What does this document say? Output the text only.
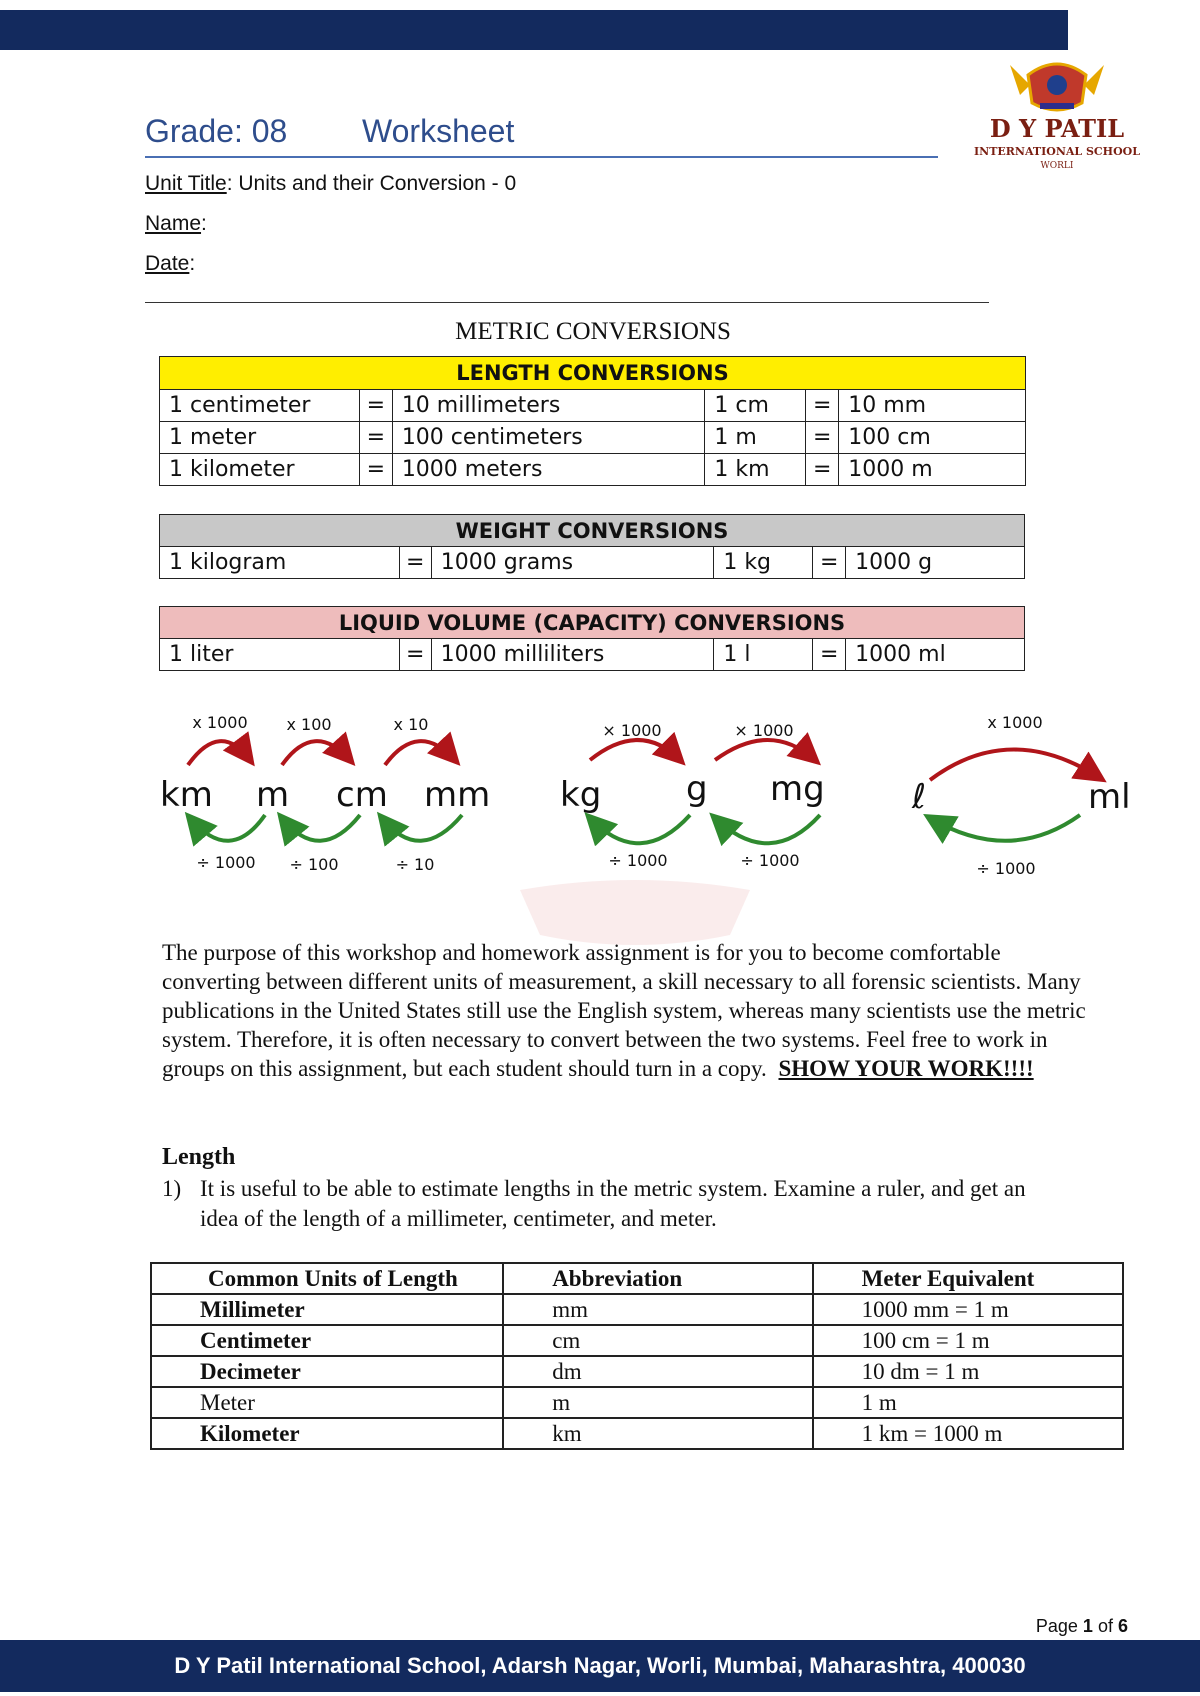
Grade: 08 Worksheet
Unit Title: Units and their Conversion - 0
Name:
Date:
D Y PATIL
INTERNATIONAL SCHOOL
WORLI
METRIC CONVERSIONS
LENGTH CONVERSIONS					
1 centimeter	=	10 millimeters	1 cm	=	10 mm
1 meter	=	100 centimeters	1 m	=	100 cm
1 kilometer	=	1000 meters	1 km	=	1000 m
WEIGHT CONVERSIONS
1 kilogram	=	1000 grams	1 kg	=	1000 g
LIQUID VOLUME (CAPACITY) CONVERSIONS
1 liter	=	1000 milliliters	1 l	=	1000 ml
x 1000 x 100	x 10
÷ 1000 ÷ 100	÷ 10
× 1000	× 1000
÷ 1000	÷ 1000
x 1000
÷ 1000
km m cm mm kg g mg	ℓ	ml
The purpose of this workshop and homework assignment is for you to become comfortable converting between different units of measurement, a skill necessary to all forensic scientists. Many publications in the United States still use the English system, whereas many scientists use the metric system. Therefore, it is often necessary to convert between the two systems. Feel free to work in groups on this assignment, but each student should turn in a copy. SHOW YOUR WORK!!!!
Length
1) It is useful to be able to estimate lengths in the metric system. Examine a ruler, and get an idea of the length of a millimeter, centimeter, and meter.
Common Units of Length	Abbreviation	Meter Equivalent
Millimeter	mm	1000 mm = 1 m
Centimeter	cm	100 cm = 1 m
Decimeter	dm	10 dm = 1 m
Meter	m	1 m
Kilometer	km	1 km = 1000 m
Page 1 of 6
D Y Patil International School, Adarsh Nagar, Worli, Mumbai, Maharashtra, 400030
